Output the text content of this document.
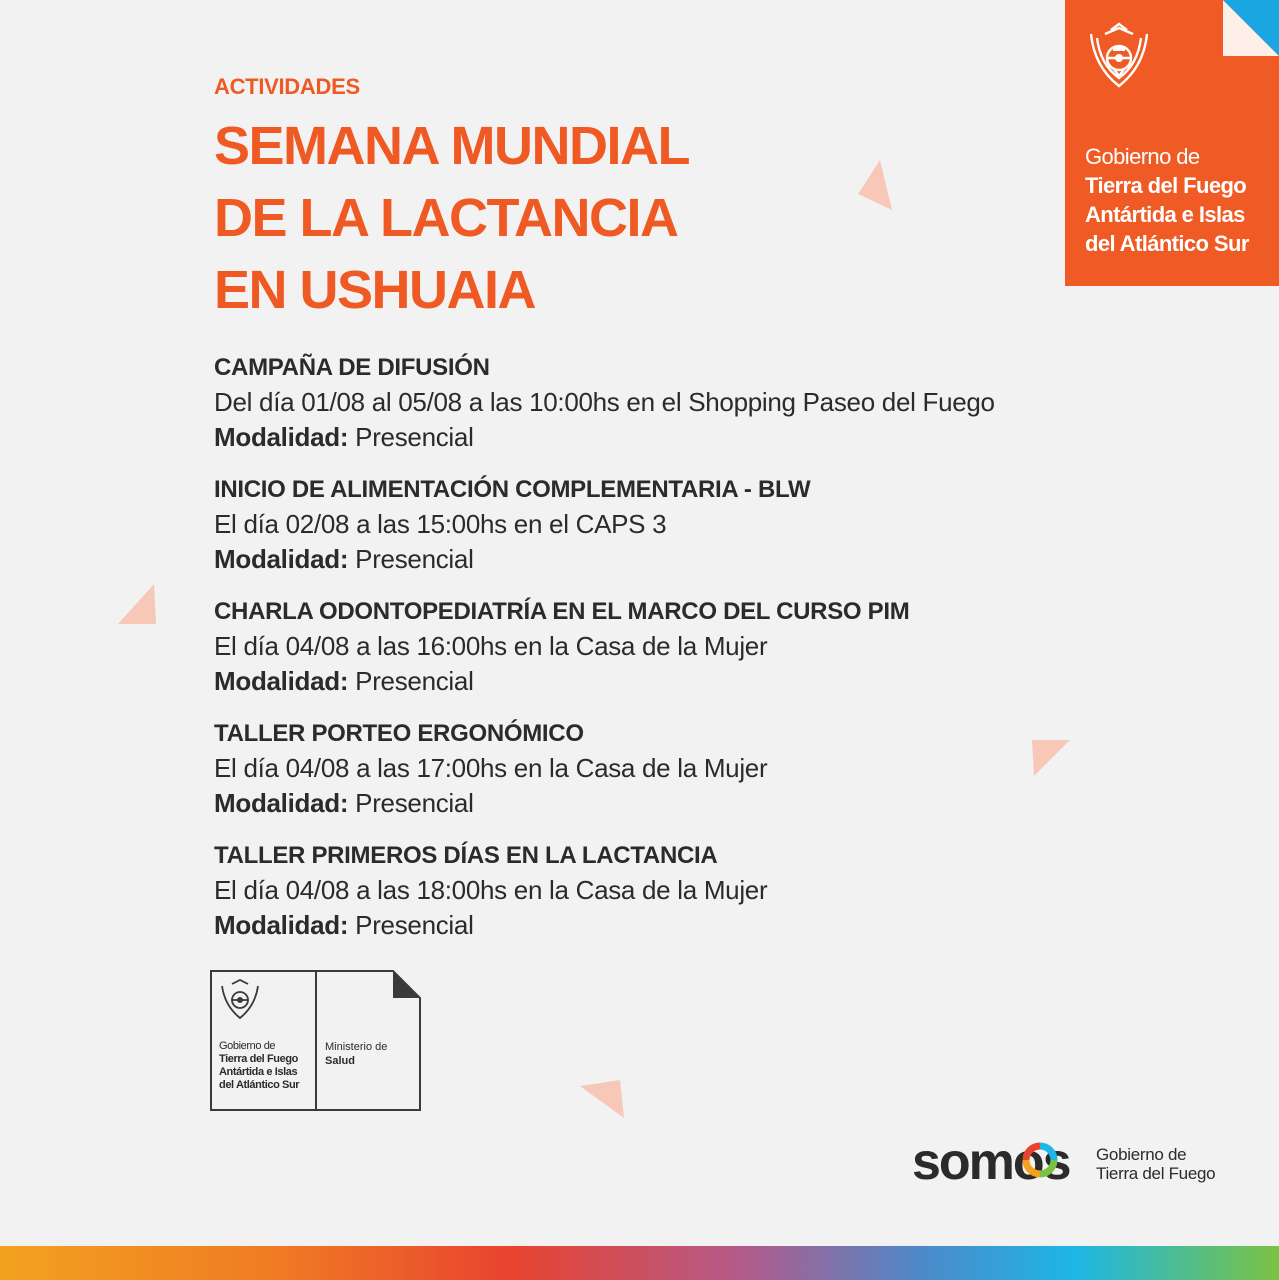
ACTIVIDADES
SEMANA MUNDIAL
DE LA LACTANCIA
EN USHUAIA
Gobierno de
Tierra del Fuego
Antártida e Islas
del Atlántico Sur
CAMPAÑA DE DIFUSIÓN
Del día 01/08 al 05/08 a las 10:00hs en el Shopping Paseo del Fuego
Modalidad: Presencial
INICIO DE ALIMENTACIÓN COMPLEMENTARIA - BLW
El día 02/08 a las 15:00hs en el CAPS 3
Modalidad: Presencial
CHARLA ODONTOPEDIATRÍA EN EL MARCO DEL CURSO PIM
El día 04/08 a las 16:00hs en la Casa de la Mujer
Modalidad: Presencial
TALLER PORTEO ERGONÓMICO
El día 04/08 a las 17:00hs en la Casa de la Mujer
Modalidad: Presencial
TALLER PRIMEROS DÍAS EN LA LACTANCIA
El día 04/08 a las 18:00hs en la Casa de la Mujer
Modalidad: Presencial
Gobierno de
Tierra del Fuego
Antártida e Islas
del Atlántico Sur
Ministerio de
Salud
somos Gobierno de
Tierra del Fuego
